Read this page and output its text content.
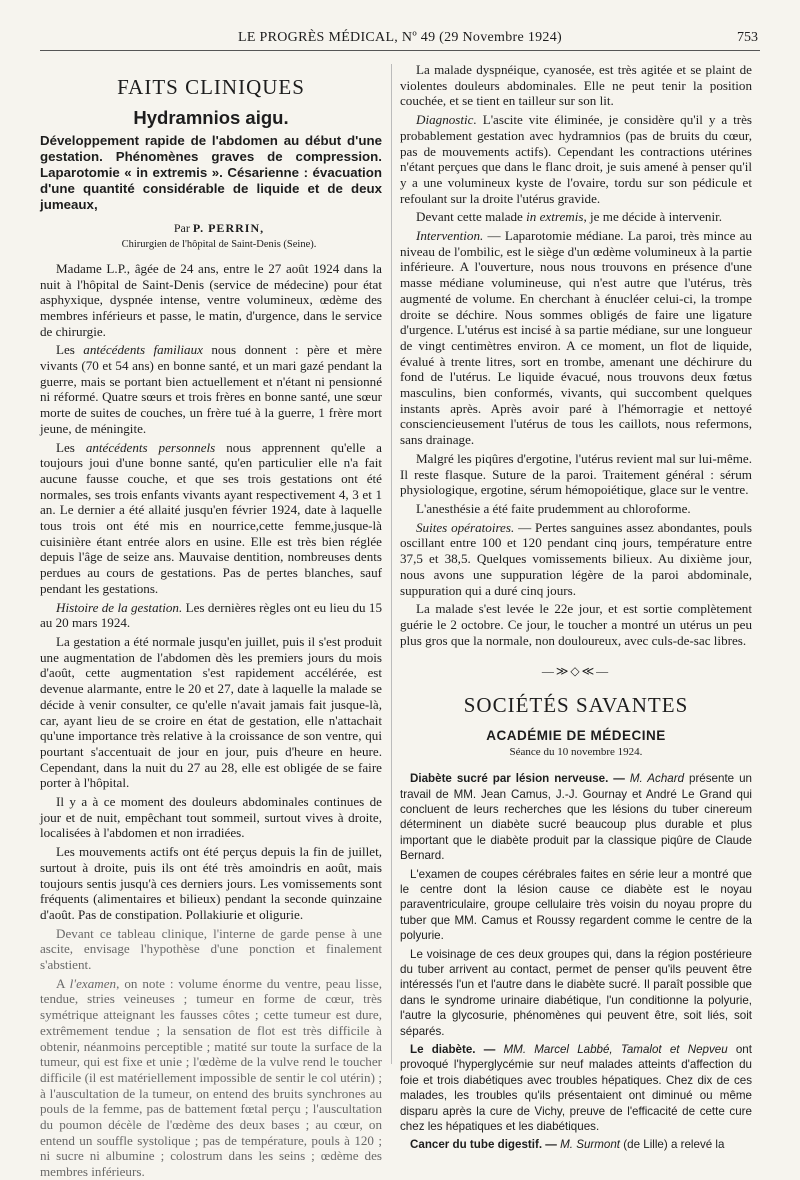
LE PROGRÈS MÉDICAL, Nº 49 (29 Novembre 1924)	753
FAITS CLINIQUES
Hydramnios aigu.
Développement rapide de l'abdomen au début d'une gestation. Phénomènes graves de compression. Laparotomie « in extremis ». Césarienne : évacuation d'une quantité considérable de liquide et de deux jumeaux,

Par P. PERRIN,

Chirurgien de l'hôpital de Saint-Denis (Seine).

Madame L.P., âgée de 24 ans, entre le 27 août 1924 dans la nuit à l'hôpital de Saint-Denis (service de médecine) pour état asphyxique, dyspnée intense, ventre volumineux, œdème des membres inférieurs et passe, le matin, d'urgence, dans le service de chirurgie.

Les antécédents familiaux nous donnent : père et mère vivants (70 et 54 ans) en bonne santé, et un mari gazé pendant la guerre, mais se portant bien actuellement et n'étant ni pensionné ni réformé. Quatre sœurs et trois frères en bonne santé, une sœur morte de suites de couches, un frère tué à la guerre, 1 frère mort jeune, de méningite.

Les antécédents personnels nous apprennent qu'elle a toujours joui d'une bonne santé, qu'en particulier elle n'a fait aucune fausse couche, et que ses trois gestations ont été normales, ses trois enfants vivants ayant respectivement 4, 3 et 1 an. Le dernier a été allaité jusqu'en février 1924, date à laquelle tous trois ont été mis en nourrice,cette femme,jusque-là cuisinière étant entrée alors en usine. Elle est très bien réglée depuis l'âge de seize ans. Mauvaise dentition, nombreuses dents perdues au cours de gestations. Pas de pertes blanches, sauf pendant les gestations.

Histoire de la gestation. Les dernières règles ont eu lieu du 15 au 20 mars 1924.

La gestation a été normale jusqu'en juillet, puis il s'est produit une augmentation de l'abdomen dès les premiers jours du mois d'août, cette augmentation s'est rapidement accélérée, est devenue alarmante, entre le 20 et 27, date à laquelle la malade se décide à venir consulter, ce qu'elle n'avait jamais fait jusque-là, car, ayant lieu de se croire en état de gestation, elle n'attachait qu'une importance très relative à la croissance de son ventre, qui pourtant s'accentuait de jour en jour, puis d'heure en heure. Cependant, dans la nuit du 27 au 28, elle est obligée de se faire porter à l'hôpital.

Il y a à ce moment des douleurs abdominales continues de jour et de nuit, empêchant tout sommeil, surtout vives à droite, localisées à l'abdomen et non irradiées.

Les mouvements actifs ont été perçus depuis la fin de juillet, surtout à droite, puis ils ont été très amoindris en août, mais toujours sentis jusqu'à ces derniers jours. Les vomissements sont fréquents (alimentaires et bilieux) pendant la seconde quinzaine d'août. Pas de constipation. Pollakiurie et oligurie.

Devant ce tableau clinique, l'interne de garde pense à une ascite, envisage l'hypothèse d'une ponction et finalement s'abstient.

A l'examen, on note : volume énorme du ventre, peau lisse, tendue, stries veineuses ; tumeur en forme de cœur, très symétrique atteignant les fausses côtes ; cette tumeur est dure, extrêmement tendue ; la sensation de flot est très difficile à obtenir, néanmoins perceptible ; matité sur toute la surface de la tumeur, qui est fixe et unie ; l'œdème de la vulve rend le toucher difficile (il est matériellement impossible de sentir le col utérin) ; à l'auscultation de la tumeur, on entend des bruits synchrones au pouls de la femme, pas de battement fœtal perçu ; l'auscultation du poumon décèle de l'œdème des deux bases ; au cœur, on entend un souffle systolique ; pas de température, pouls à 120 ; ni sucre ni albumine ; colostrum dans les seins ; œdème des membres inférieurs.

La malade dyspnéique, cyanosée, est très agitée et se plaint de violentes douleurs abdominales. Elle ne peut tenir la position couchée, et se tient en tailleur sur son lit.

Diagnostic. L'ascite vite éliminée, je considère qu'il y a très probablement gestation avec hydramnios (pas de bruits du cœur, pas de mouvements actifs). Cependant les contractions utérines n'étant perçues que dans le flanc droit, je suis amené à penser qu'il y a une volumineux kyste de l'ovaire, tordu sur son pédicule et refoulant sur la droite l'utérus gravide.

Devant cette malade in extremis, je me décide à intervenir.

Intervention. — Laparotomie médiane. La paroi, très mince au niveau de l'ombilic, est le siège d'un œdème volumineux à la partie inférieure. A l'ouverture, nous nous trouvons en présence d'une masse médiane volumineuse, qui n'est autre que l'utérus, très augmenté de volume. En cherchant à énucléer celui-ci, la trompe droite se déchire. Nous sommes obligés de faire une ligature d'urgence. L'utérus est incisé à sa partie médiane, sur une longueur de vingt centimètres environ. A ce moment, un flot de liquide, évalué à trente litres, sort en trombe, amenant une déchirure du fond de l'utérus. Le liquide évacué, nous trouvons deux fœtus masculins, bien conformés, vivants, qui succombent quelques instants après. Après avoir paré à l'hémorragie et nettoyé consciencieusement l'utérus de tous les caillots, nous refermons, sans drainage.

Malgré les piqûres d'ergotine, l'utérus revient mal sur lui-même. Il reste flasque. Suture de la paroi. Traitement général : sérum physiologique, ergotine, sérum hémopoiétique, glace sur le ventre.

L'anesthésie a été faite prudemment au chloroforme.

Suites opératoires. — Pertes sanguines assez abondantes, pouls oscillant entre 100 et 120 pendant cinq jours, température entre 37,5 et 38,5. Quelques vomissements bilieux. Au dixième jour, nous avons une suppuration légère de la paroi abdominale, suppuration qui a duré cinq jours.

La malade s'est levée le 22e jour, et est sortie complètement guérie le 2 octobre. Ce jour, le toucher a montré un utérus un peu plus gros que la normale, non douloureux, avec culs-de-sac libres.

—≫◇≪—
SOCIÉTÉS SAVANTES
ACADÉMIE DE MÉDECINE
Séance du 10 novembre 1924.

Diabète sucré par lésion nerveuse. — M. Achard présente un travail de MM. Jean Camus, J.-J. Gournay et André Le Grand qui concluent de leurs recherches que les lésions du tuber cinereum déterminent un diabète sucré beaucoup plus durable et plus important que le diabète produit par la classique piqûre de Claude Bernard.

L'examen de coupes cérébrales faites en série leur a montré que le centre dont la lésion cause ce diabète est le noyau paraventriculaire, groupe cellulaire très voisin du noyau propre du tuber que MM. Camus et Roussy regardent comme le centre de la polyurie.

Le voisinage de ces deux groupes qui, dans la région postérieure du tuber arrivent au contact, permet de penser qu'ils peuvent être intéressés l'un et l'autre dans le diabète sucré. Il paraît possible que dans le syndrome urinaire diabétique, l'un conditionne la polyurie, l'autre la glycosurie, phénomènes qui peuvent être, soit liés, soit séparés.

Le diabète. — MM. Marcel Labbé, Tamalot et Nepveu ont provoqué l'hyperglycémie sur neuf malades atteints d'affection du foie et trois diabétiques avec troubles hépatiques. Chez dix de ces malades, les troubles qu'ils présentaient ont diminué ou même disparu après la cure de Vichy, preuve de l'efficacité de cette cure chez les hépatiques et les diabétiques.

Cancer du tube digestif. — M. Surmont (de Lille) a relevé la
